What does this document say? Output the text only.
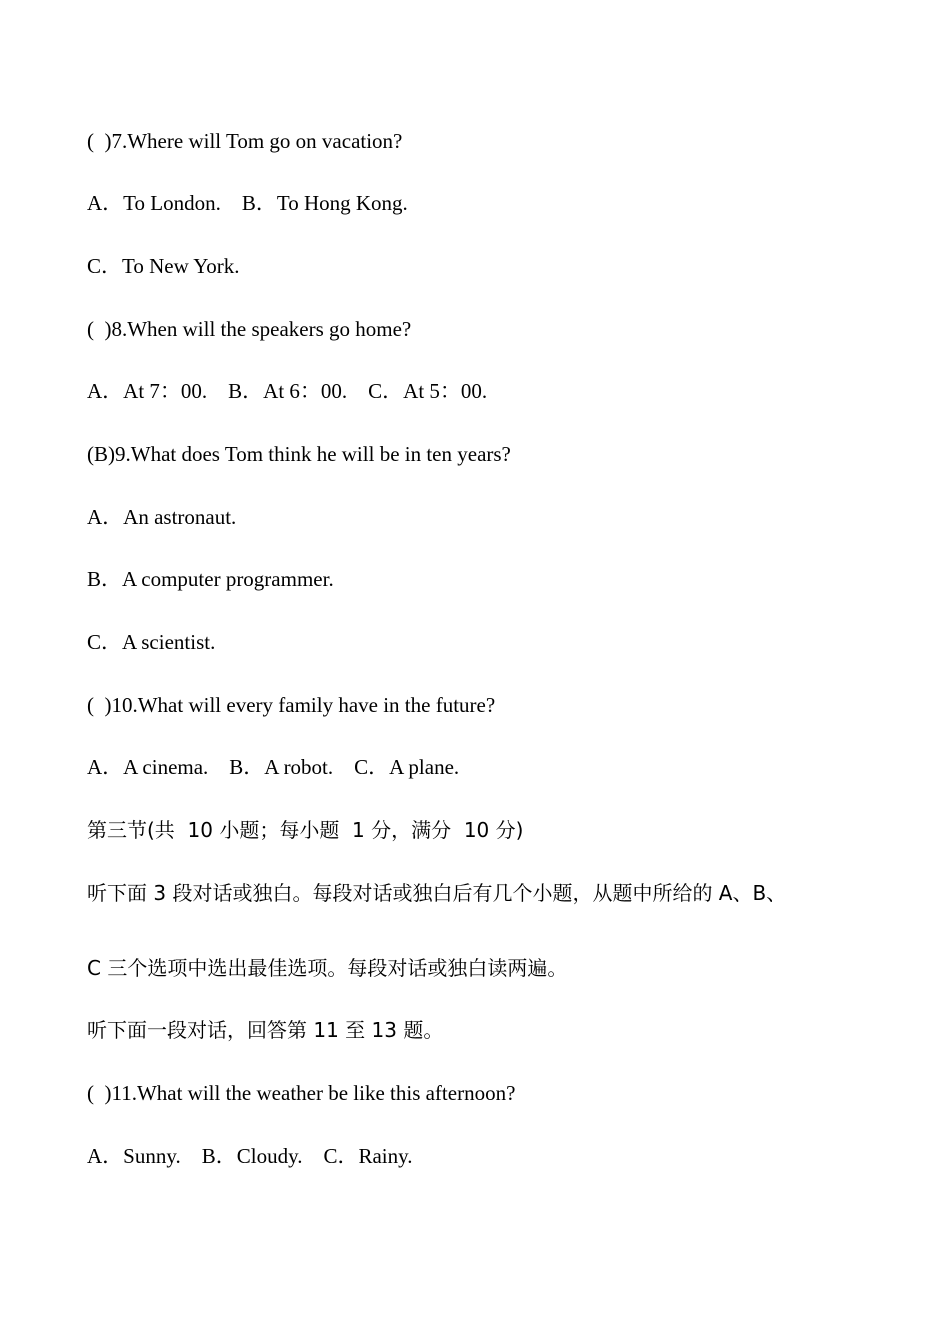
(  )7.Where will Tom go on vacation?

A．To London.    B．To Hong Kong.

C．To New York.

(  )8.When will the speakers go home?

A．At 7：00.    B．At 6：00.    C．At 5：00.

(B)9.What does Tom think he will be in ten years?

A．An astronaut.

B．A computer programmer.

C．A scientist.

(  )10.What will every family have in the future?

A．A cinema.    B．A robot.    C．A plane.

第三节(共  10 小题；每小题  1 分，满分  10 分)

听下面 3 段对话或独白。每段对话或独白后有几个小题，从题中所给的 A、B、

C 三个选项中选出最佳选项。每段对话或独白读两遍。

听下面一段对话，回答第 11 至 13 题。

(  )11.What will the weather be like this afternoon?

A．Sunny.    B．Cloudy.    C．Rainy.
